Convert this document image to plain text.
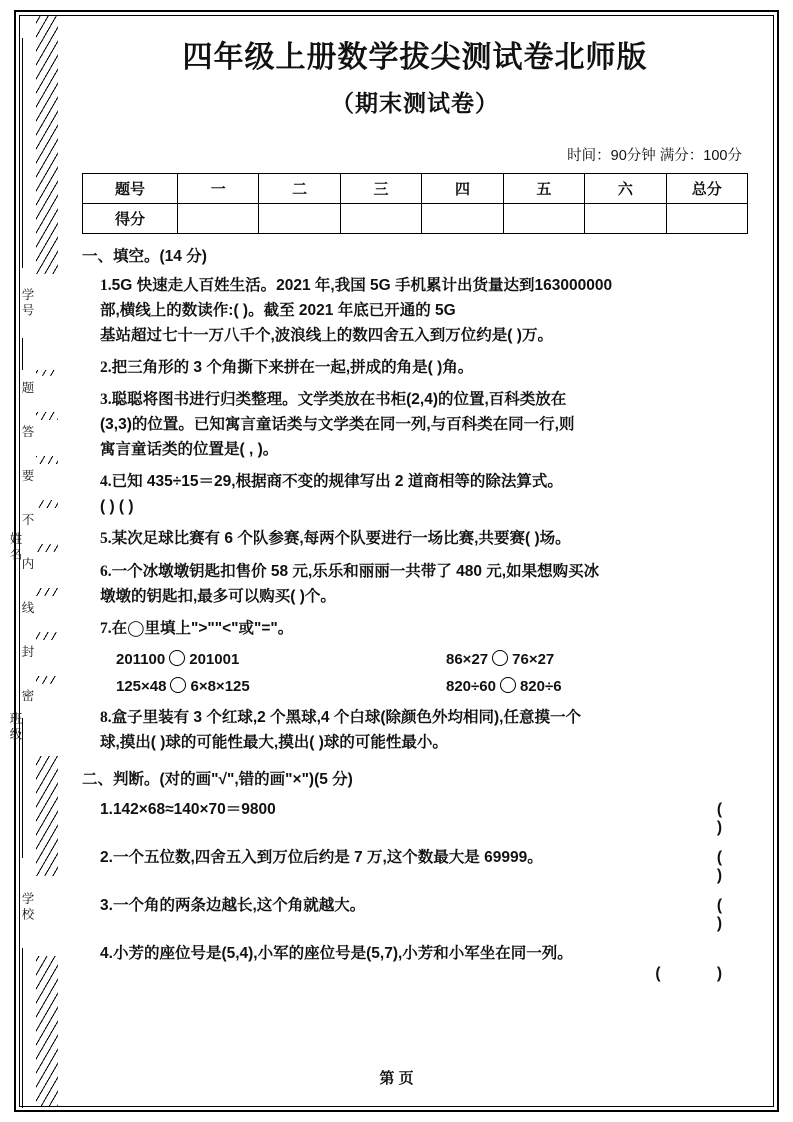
学号
题
答
要
不
内
线
封
密
姓名
班级
学校
四年级上册数学拔尖测试卷北师版
（期末测试卷）
时间：90分钟 满分：100分
题号	一	二	三	四	五	六	总分
得分							
一、填空。(14 分)
1.5G 快速走人百姓生活。2021 年,我国 5G 手机累计出货量达到163000000
部,横线上的数读作:( )。截至 2021 年底已开通的 5G
基站超过七十一万八千个,波浪线上的数四舍五入到万位约是( )万。
2.把三角形的 3 个角撕下来拼在一起,拼成的角是( )角。
3.聪聪将图书进行归类整理。文学类放在书柜(2,4)的位置,百科类放在
(3,3)的位置。已知寓言童话类与文学类在同一列,与百科类在同一行,则
寓言童话类的位置是( , )。
4.已知 435÷15＝29,根据商不变的规律写出 2 道商相等的除法算式。
( ) ( )
5.某次足球比赛有 6 个队参赛,每两个队要进行一场比赛,共要赛( )场。
6.一个冰墩墩钥匙扣售价 58 元,乐乐和丽丽一共带了 480 元,如果想购买冰
墩墩的钥匙扣,最多可以购买( )个。
7.在◯里填上">""<"或"="。
201100 201001	86×27 76×27
125×48 6×8×125	820÷60 820÷6
8.盒子里装有 3 个红球,2 个黑球,4 个白球(除颜色外均相同),任意摸一个
球,摸出( )球的可能性最大,摸出( )球的可能性最小。
二、判断。(对的画"√",错的画"×")(5 分)
1.142×68≈140×70＝9800	( )
2.一个五位数,四舍五入到万位后约是 7 万,这个数最大是 69999。	( )
3.一个角的两条边越长,这个角就越大。	( )
4.小芳的座位号是(5,4),小军的座位号是(5,7),小芳和小军坐在同一列。
( )
第 页
